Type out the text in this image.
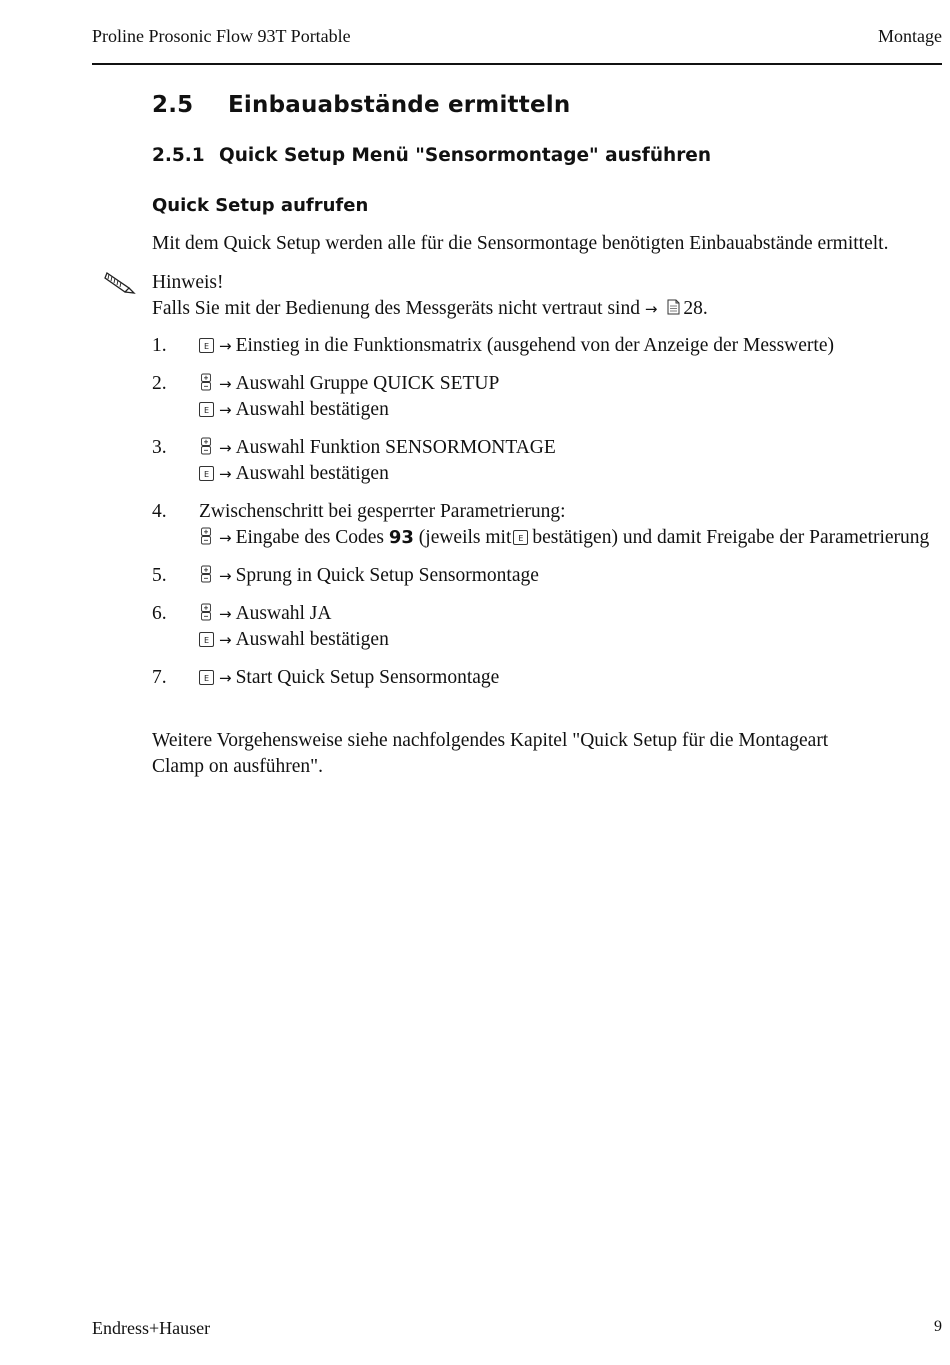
Proline Prosonic Flow 93T Portable	Montage
2.5 Einbauabstände ermitteln
2.5.1 Quick Setup Menü "Sensormontage" ausführen
Quick Setup aufrufen
Mit dem Quick Setup werden alle für die Sensormontage benötigten Einbauabstände ermittelt.
Hinweis!
Falls Sie mit der Bedienung des Messgeräts nicht vertraut sind → 28.
1.	E → Einstieg in die Funktionsmatrix (ausgehend von der Anzeige der Messwerte)
2.	→ Auswahl Gruppe QUICK SETUP
E → Auswahl bestätigen
3.	→ Auswahl Funktion SENSORMONTAGE
E → Auswahl bestätigen
4. Zwischenschritt bei gesperrter Parametrierung:
→ Eingabe des Codes 93 (jeweils mit E bestätigen) und damit Freigabe der Parametrierung
5.	→ Sprung in Quick Setup Sensormontage
6.	→ Auswahl JA
E → Auswahl bestätigen
7.	E → Start Quick Setup Sensormontage
Weitere Vorgehensweise siehe nachfolgendes Kapitel "Quick Setup für die Montageart
Clamp on ausführen".
Endress+Hauser	9
